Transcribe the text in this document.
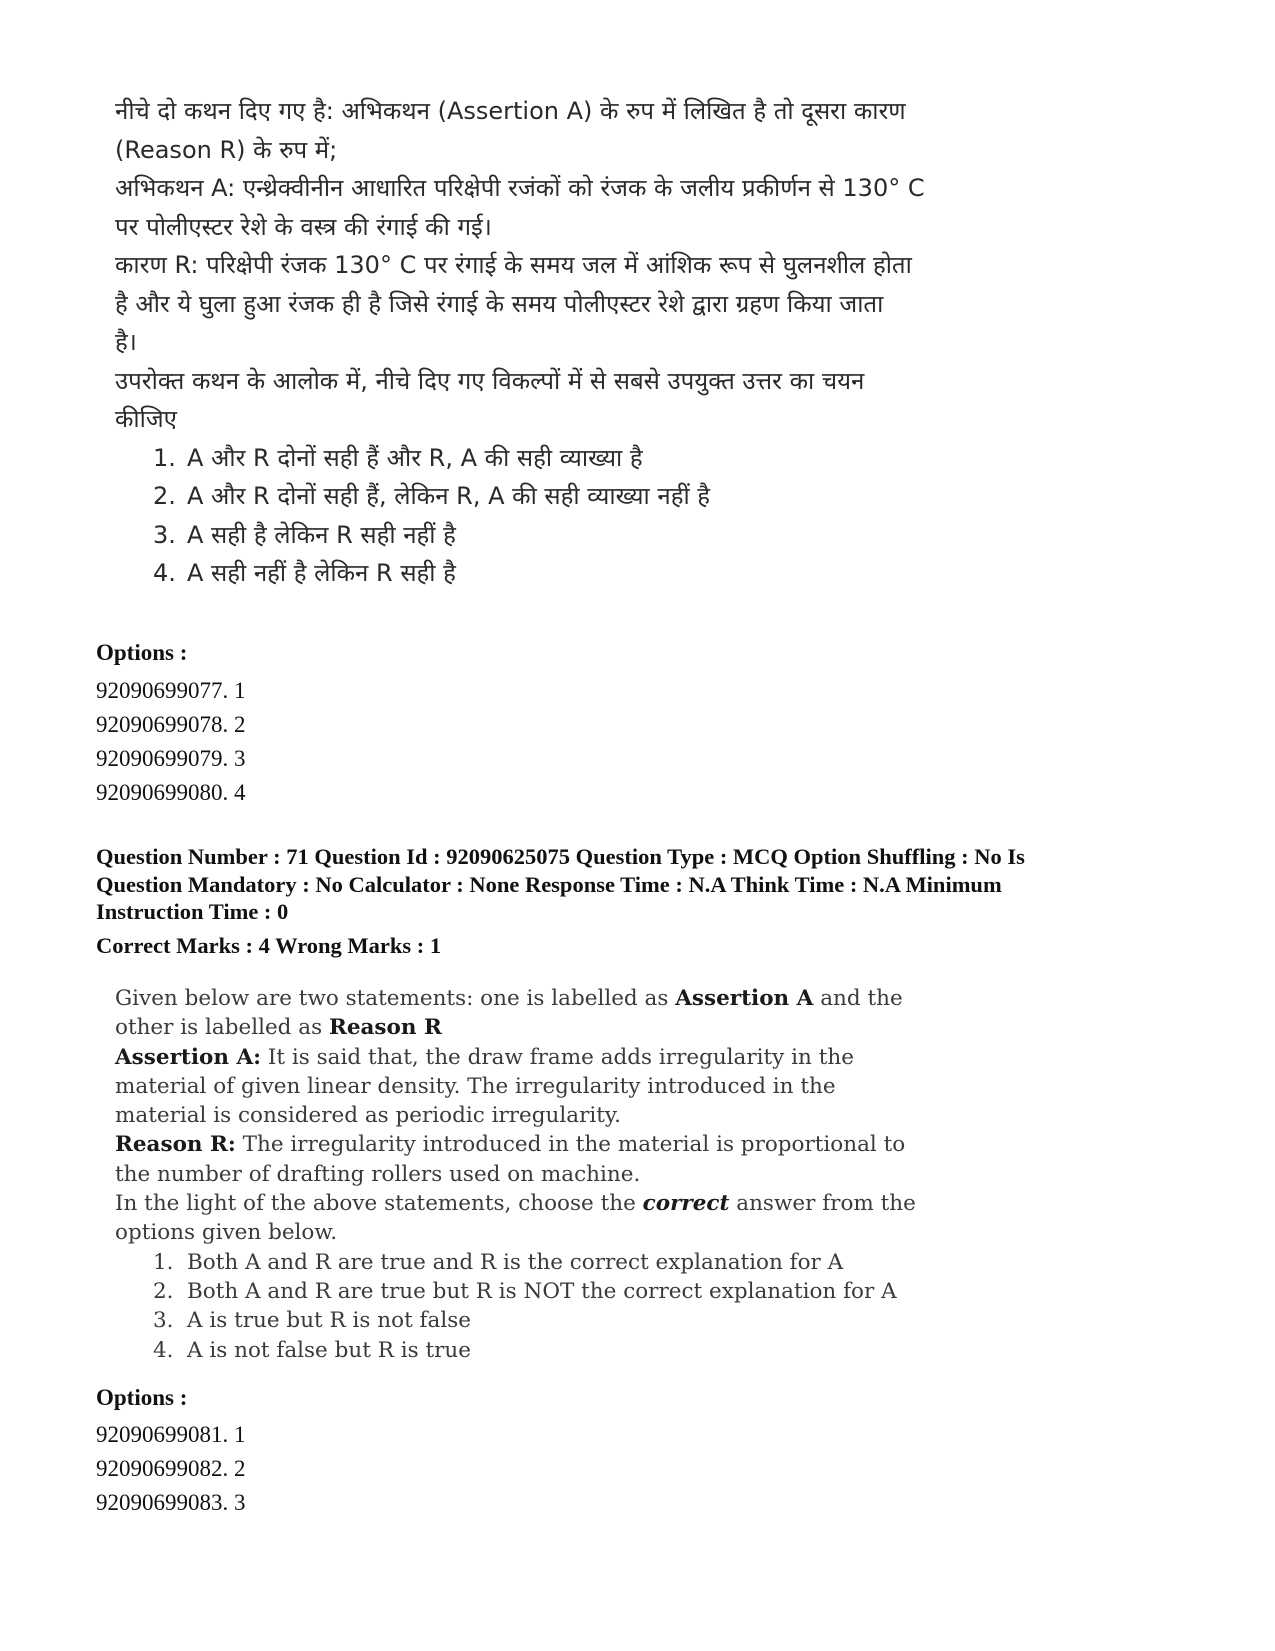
नीचे दो कथन दिए गए है: अभिकथन (Assertion A) के रुप में लिखित है तो दूसरा कारण

(Reason R) के रुप में;

अभिकथन A: एन्थ्रेक्वीनीन आधारित परिक्षेपी रजंकों को रंजक के जलीय प्रकीर्णन से 130° C

पर पोलीएस्टर रेशे के वस्त्र की रंगाई की गई।

कारण R: परिक्षेपी रंजक 130° C पर रंगाई के समय जल में आंशिक रूप से घुलनशील होता

है और ये घुला हुआ रंजक ही है जिसे रंगाई के समय पोलीएस्टर रेशे द्वारा ग्रहण किया जाता

है।

उपरोक्त कथन के आलोक में, नीचे दिए गए विकल्पों में से सबसे उपयुक्त उत्तर का चयन

कीजिए

1. A और R दोनों सही हैं और R, A की सही व्याख्या है
2. A और R दोनों सही हैं, लेकिन R, A की सही व्याख्या नहीं है
3. A सही है लेकिन R सही नहीं है
4. A सही नहीं है लेकिन R सही है
Options :
92090699077. 1
92090699078. 2
92090699079. 3
92090699080. 4
Question Number : 71 Question Id : 92090625075 Question Type : MCQ Option Shuffling : No Is
Question Mandatory : No Calculator : None Response Time : N.A Think Time : N.A Minimum
Instruction Time : 0
Correct Marks : 4 Wrong Marks : 1

Given below are two statements: one is labelled as Assertion A and the

other is labelled as Reason R

Assertion A: It is said that, the draw frame adds irregularity in the

material of given linear density. The irregularity introduced in the

material is considered as periodic irregularity.

Reason R: The irregularity introduced in the material is proportional to

the number of drafting rollers used on machine.

In the light of the above statements, choose the correct answer from the

options given below.

1. Both A and R are true and R is the correct explanation for A
2. Both A and R are true but R is NOT the correct explanation for A
3. A is true but R is not false
4. A is not false but R is true
Options :
92090699081. 1
92090699082. 2
92090699083. 3
